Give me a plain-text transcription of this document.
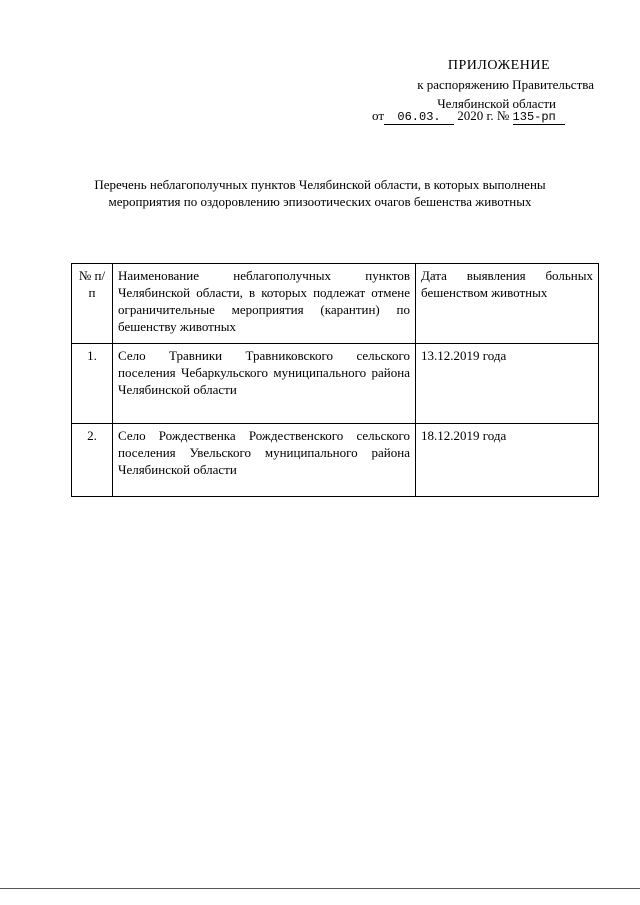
ПРИЛОЖЕНИЕ
к распоряжению Правительства
Челябинской области
от 06.03. 2020 г. № 135-рп
Перечень неблагополучных пунктов Челябинской области, в которых выполнены мероприятия по оздоровлению эпизоотических очагов бешенства животных
№ п/п	Наименование неблагополучных пунктов Челябинской области, в которых подлежат отмене ограничительные мероприятия (карантин) по бешенству животных	Дата выявления больных бешенством животных
1.	Село Травники Травниковского сельского поселения Чебаркульского муниципального района Челябинской области	13.12.2019 года
2.	Село Рождественка Рождественского сельского поселения Увельского муниципального района Челябинской области	18.12.2019 года
